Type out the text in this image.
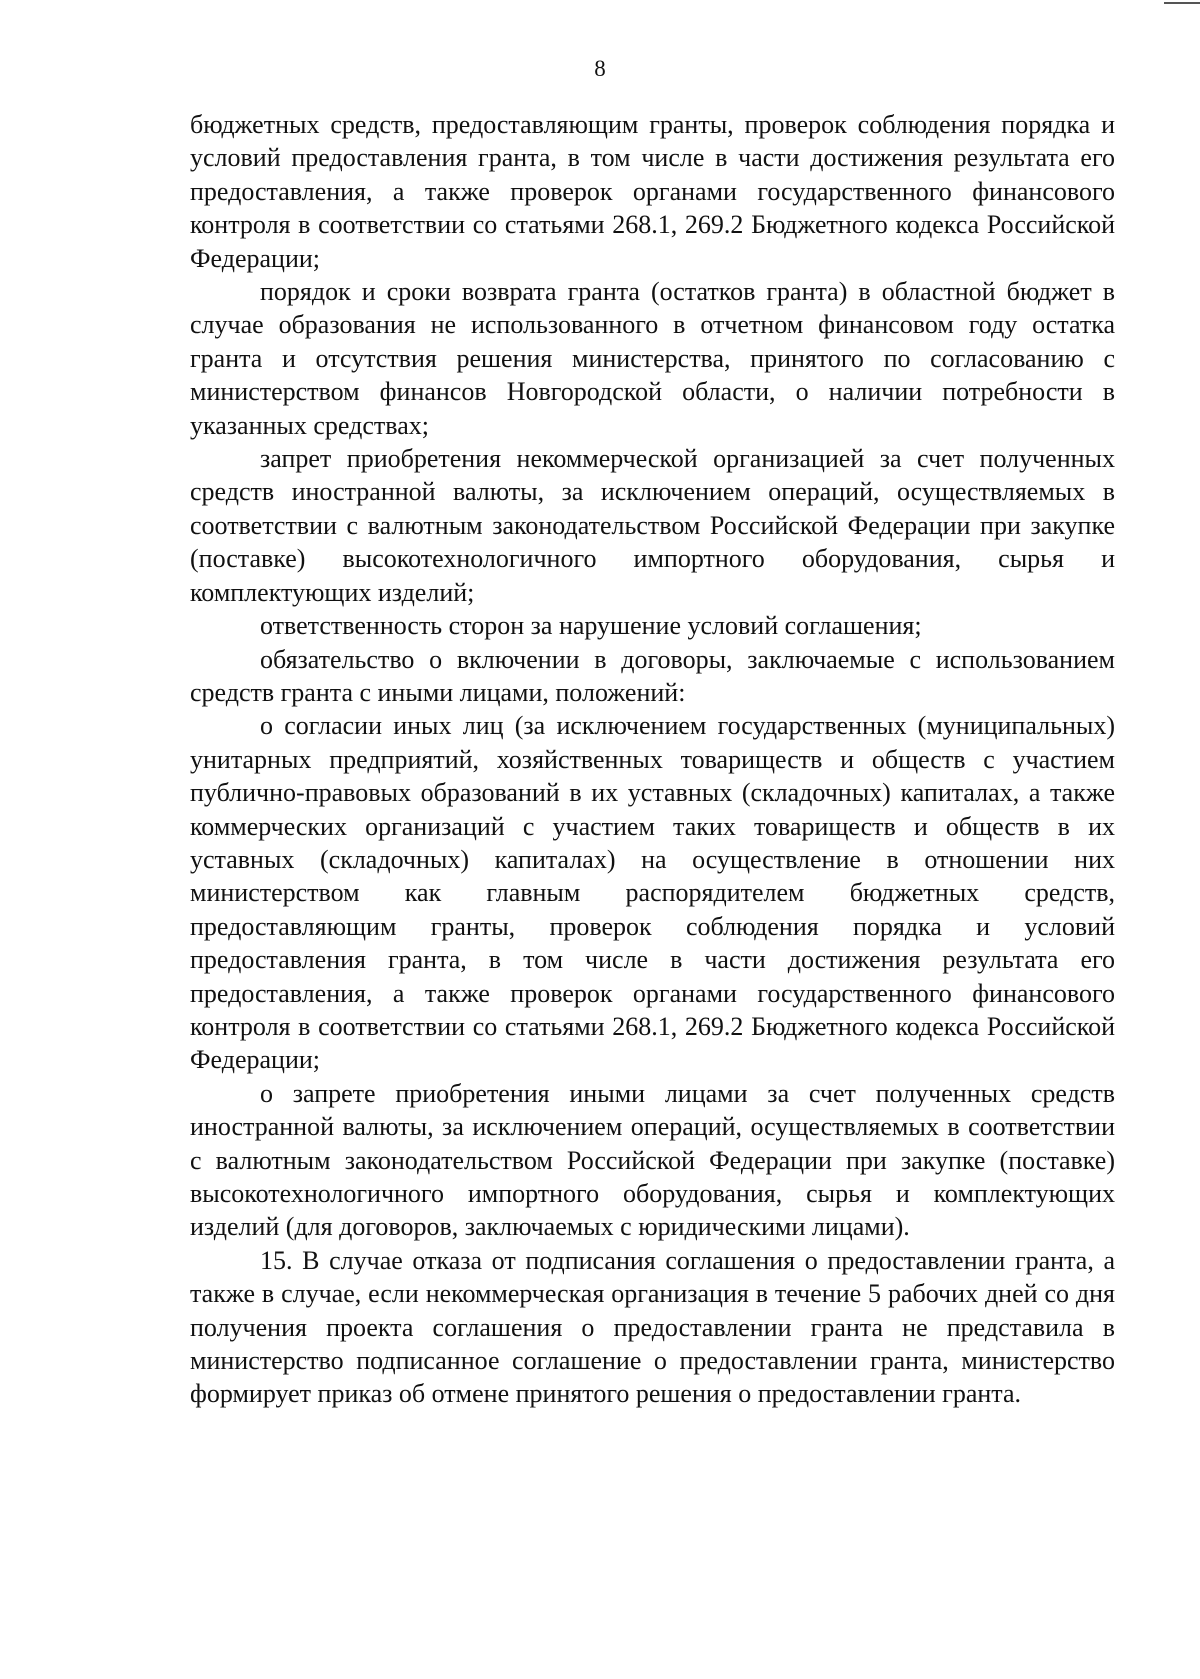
8

бюджетных средств, предоставляющим гранты, проверок соблюдения порядка и условий предоставления гранта, в том числе в части достижения результата его предоставления, а также проверок органами государственного финансового контроля в соответствии со статьями 268.1, 269.2 Бюджетного кодекса Российской Федерации;

порядок и сроки возврата гранта (остатков гранта) в областной бюджет в случае образования не использованного в отчетном финансовом году остатка гранта и отсутствия решения министерства, принятого по согласованию с министерством финансов Новгородской области, о наличии потребности в указанных средствах;

запрет приобретения некоммерческой организацией за счет полученных средств иностранной валюты, за исключением операций, осуществляемых в соответствии с валютным законодательством Российской Федерации при закупке (поставке) высокотехнологичного импортного оборудования, сырья и комплектующих изделий;

ответственность сторон за нарушение условий соглашения;

обязательство о включении в договоры, заключаемые с использованием средств гранта с иными лицами, положений:

о согласии иных лиц (за исключением государственных (муниципальных) унитарных предприятий, хозяйственных товариществ и обществ с участием публично-правовых образований в их уставных (складочных) капиталах, а также коммерческих организаций с участием таких товариществ и обществ в их уставных (складочных) капиталах) на осуществление в отношении них министерством как главным распорядителем бюджетных средств, предоставляющим гранты, проверок соблюдения порядка и условий предоставления гранта, в том числе в части достижения результата его предоставления, а также проверок органами государственного финансового контроля в соответствии со статьями 268.1, 269.2 Бюджетного кодекса Российской Федерации;

о запрете приобретения иными лицами за счет полученных средств иностранной валюты, за исключением операций, осуществляемых в соответствии с валютным законодательством Российской Федерации при закупке (поставке) высокотехнологичного импортного оборудования, сырья и комплектующих изделий (для договоров, заключаемых с юридическими лицами).

15. В случае отказа от подписания соглашения о предоставлении гранта, а также в случае, если некоммерческая организация в течение 5 рабочих дней со дня получения проекта соглашения о предоставлении гранта не представила в министерство подписанное соглашение о предоставлении гранта, министерство формирует приказ об отмене принятого решения о предоставлении гранта.
